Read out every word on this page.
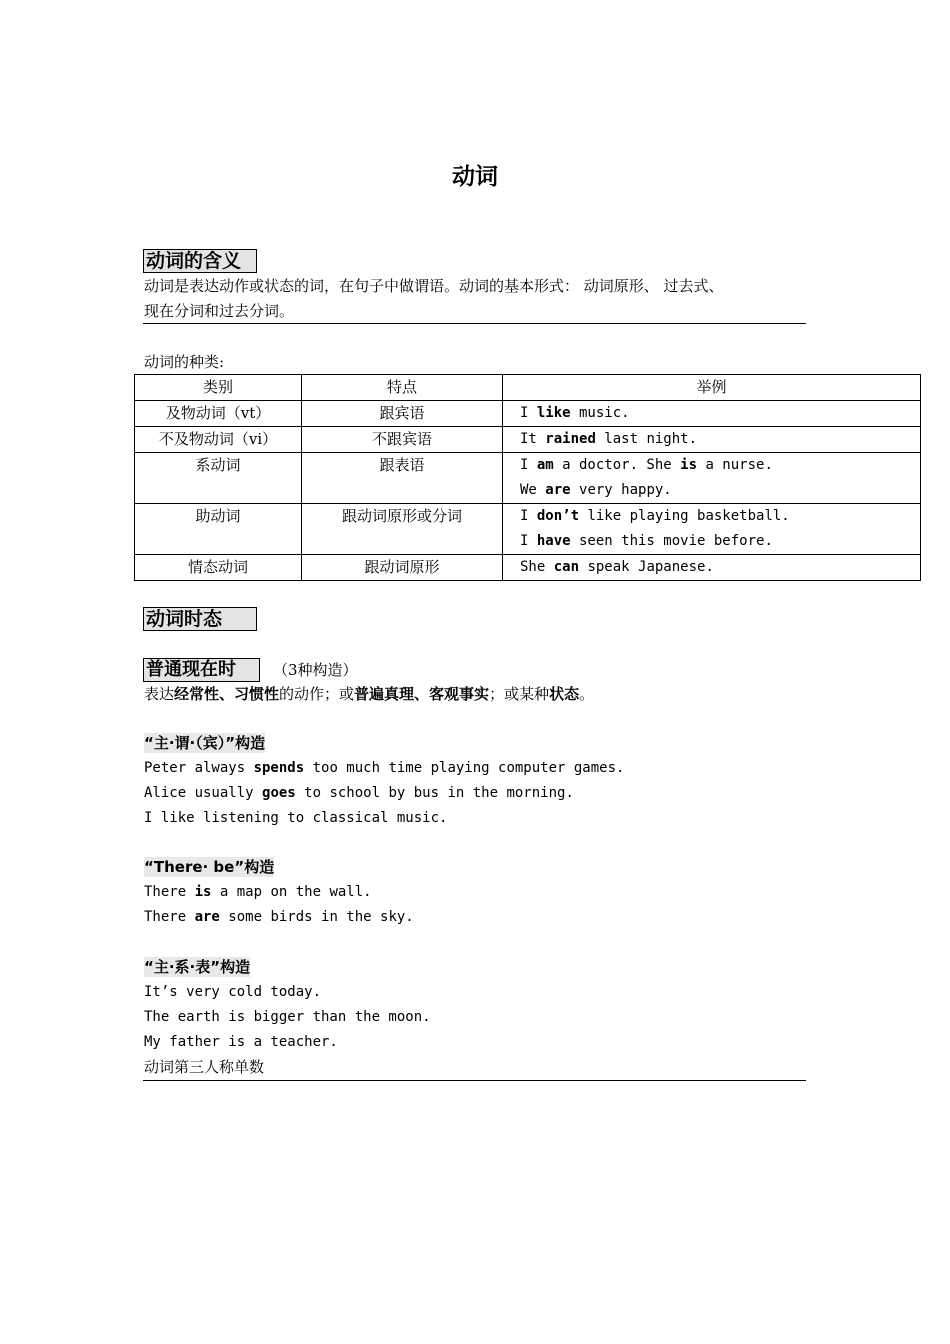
动词
动词的含义
动词是表达动作或状态的词，在句子中做谓语。动词的基本形式： 动词原形、 过去式、
现在分词和过去分词。
动词的种类:
类别	特点	举例

及物动词（vt）	跟宾语	I like music.

不及物动词（vi）	不跟宾语	It rained last night.

系动词	跟表语	I am a doctor. She is a nurse.
We are very happy.

助动词	跟动词原形或分词	I don’t like playing basketball.
I have seen this movie before.

情态动词	跟动词原形	She can speak Japanese.
动词时态
普通现在时	（3种构造）
表达经常性、习惯性的动作；或普遍真理、客观事实；或某种状态。
“主·谓·（宾）”构造
Peter always spends too much time playing computer games.
Alice usually goes to school by bus in the morning.
I like listening to classical music.
“There· be”构造
There is a map on the wall.
There are some birds in the sky.
“主·系·表”构造
It’s very cold today.
The earth is bigger than the moon.
My father is a teacher.
动词第三人称单数
